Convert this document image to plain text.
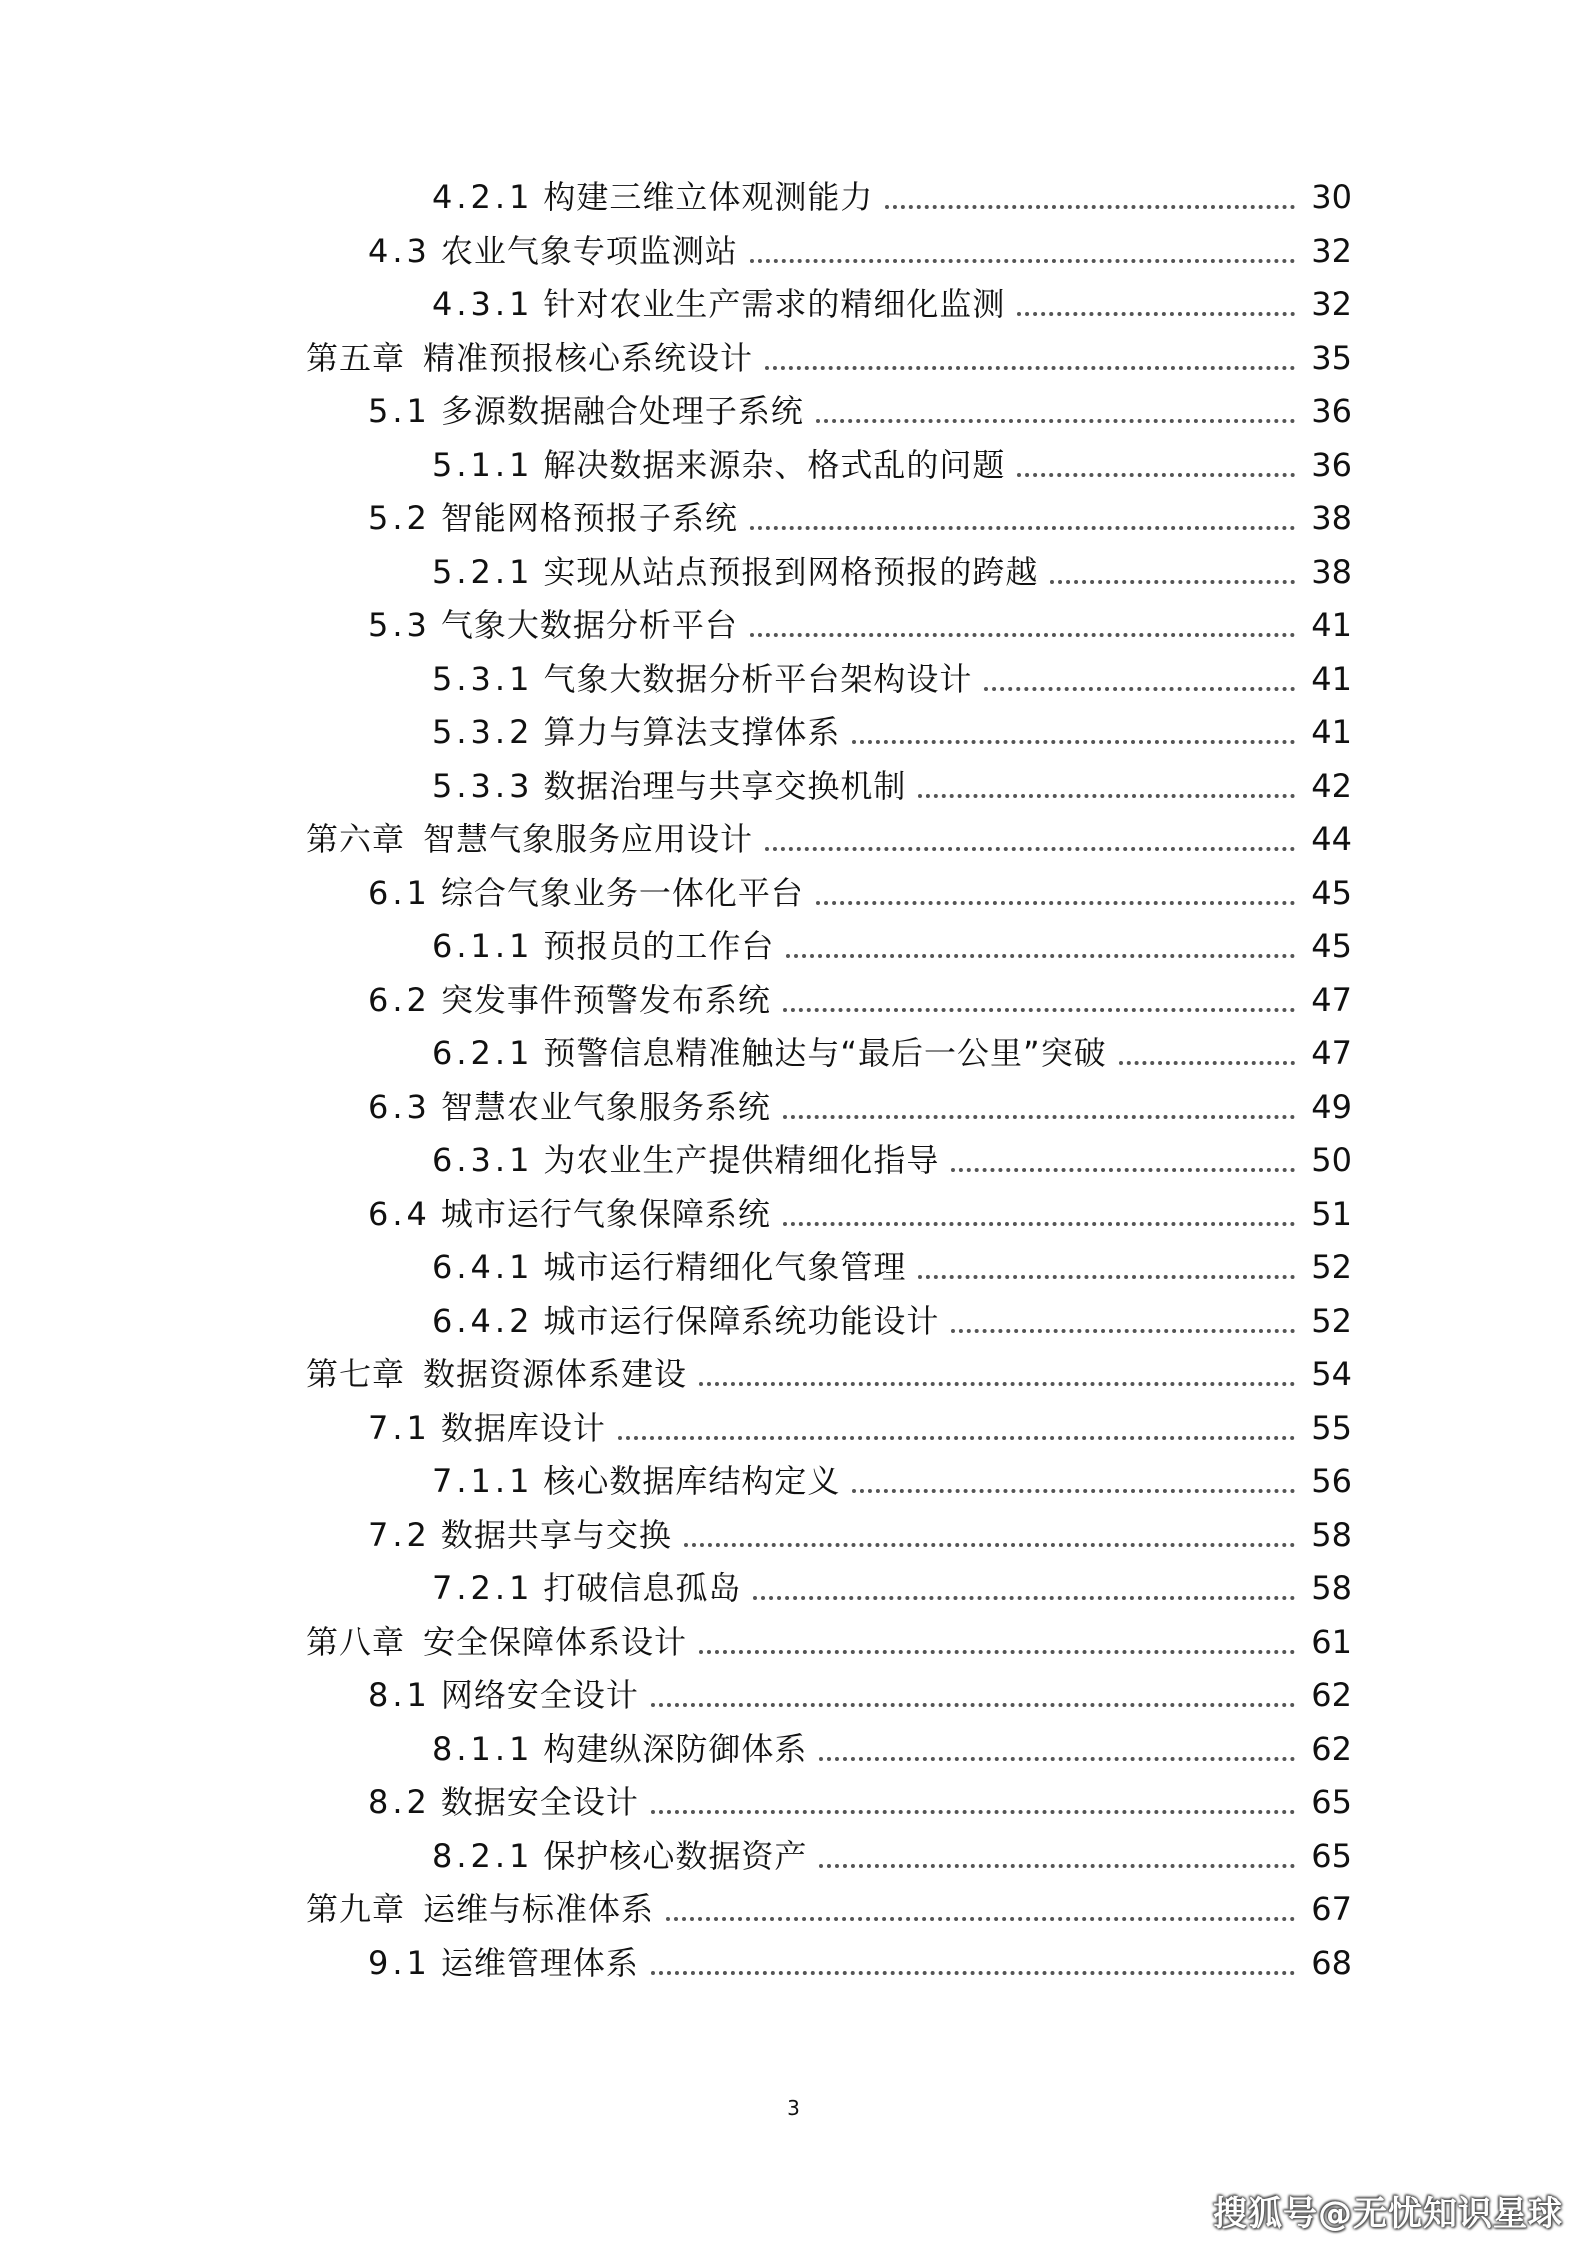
4.2.1 构建三维立体观测能力	30
4.3 农业气象专项监测站	32
4.3.1 针对农业生产需求的精细化监测	32
第五章 精准预报核心系统设计	35
5.1 多源数据融合处理子系统	36
5.1.1 解决数据来源杂、格式乱的问题	36
5.2 智能网格预报子系统	38
5.2.1 实现从站点预报到网格预报的跨越	38
5.3 气象大数据分析平台	41
5.3.1 气象大数据分析平台架构设计	41
5.3.2 算力与算法支撑体系	41
5.3.3 数据治理与共享交换机制	42
第六章 智慧气象服务应用设计	44
6.1 综合气象业务一体化平台	45
6.1.1 预报员的工作台	45
6.2 突发事件预警发布系统	47
6.2.1 预警信息精准触达与“最后一公里”突破	47
6.3 智慧农业气象服务系统	49
6.3.1 为农业生产提供精细化指导	50
6.4 城市运行气象保障系统	51
6.4.1 城市运行精细化气象管理	52
6.4.2 城市运行保障系统功能设计	52
第七章 数据资源体系建设	54
7.1 数据库设计	55
7.1.1 核心数据库结构定义	56
7.2 数据共享与交换	58
7.2.1 打破信息孤岛	58
第八章 安全保障体系设计	61
8.1 网络安全设计	62
8.1.1 构建纵深防御体系	62
8.2 数据安全设计	65
8.2.1 保护核心数据资产	65
第九章 运维与标准体系	67
9.1 运维管理体系	68
3
搜狐号@无忧知识星球
